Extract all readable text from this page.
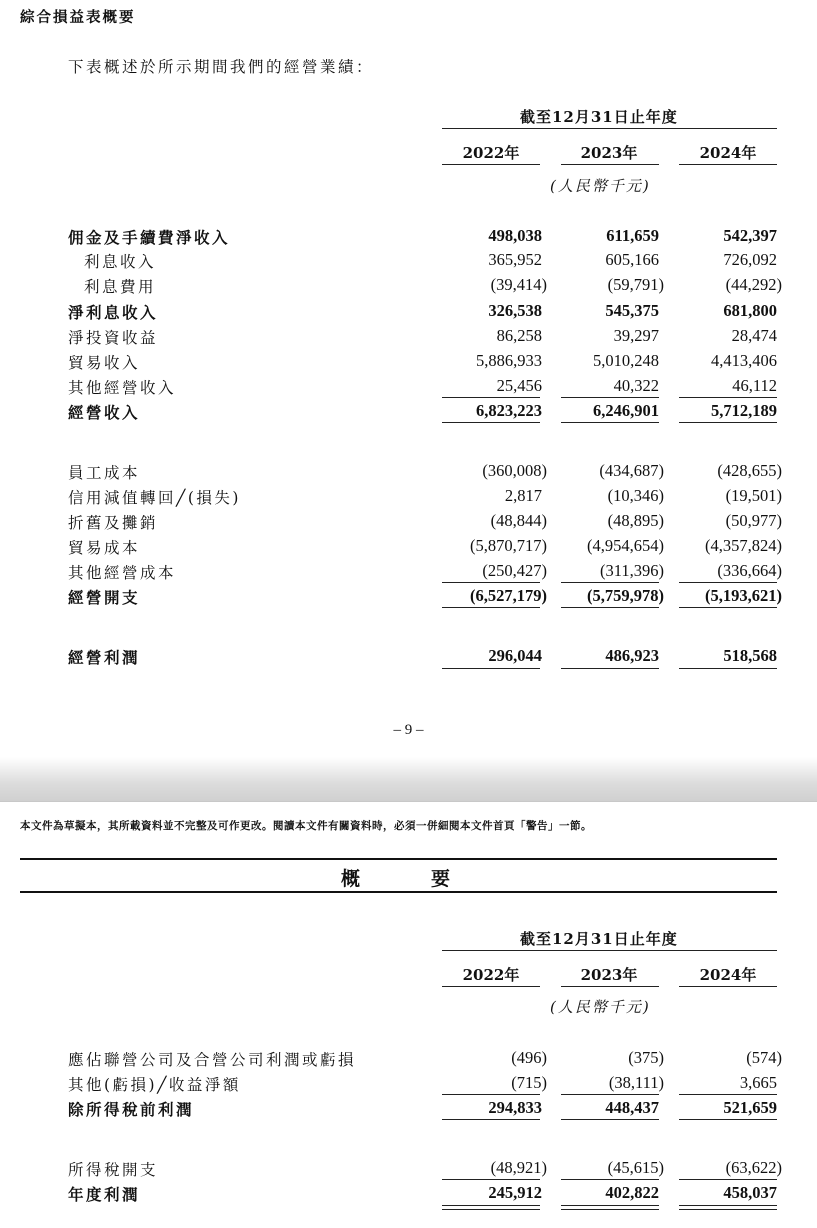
綜合損益表概要
下表概述於所示期間我們的經營業績：
截至12月31日止年度
2022年	2023年	2024年
(人民幣千元)
佣金及手續費淨收入	498,038	611,659	542,397
利息收入	365,952	605,166	726,092
利息費用	(39,414)	(59,791)	(44,292)
淨利息收入	326,538	545,375	681,800
淨投資收益	86,258	39,297	28,474
貿易收入	5,886,933	5,010,248	4,413,406
其他經營收入	25,456	40,322	46,112
經營收入	6,823,223	6,246,901	5,712,189
員工成本	(360,008)	(434,687)	(428,655)
信用減值轉回╱(損失)	2,817	(10,346)	(19,501)
折舊及攤銷	(48,844)	(48,895)	(50,977)
貿易成本	(5,870,717)	(4,954,654)	(4,357,824)
其他經營成本	(250,427)	(311,396)	(336,664)
經營開支	(6,527,179)	(5,759,978)	(5,193,621)
經營利潤	296,044	486,923	518,568
– 9 –
本文件為草擬本，其所載資料並不完整及可作更改。閱讀本文件有關資料時，必須一併細閱本文件首頁「警告」一節。
概　要
截至12月31日止年度
2022年	2023年	2024年
(人民幣千元)
應佔聯營公司及合營公司利潤或虧損	(496)	(375)	(574)
其他(虧損)╱收益淨額	(715)	(38,111)	3,665
除所得稅前利潤	294,833	448,437	521,659
所得稅開支	(48,921)	(45,615)	(63,622)
年度利潤	245,912	402,822	458,037
